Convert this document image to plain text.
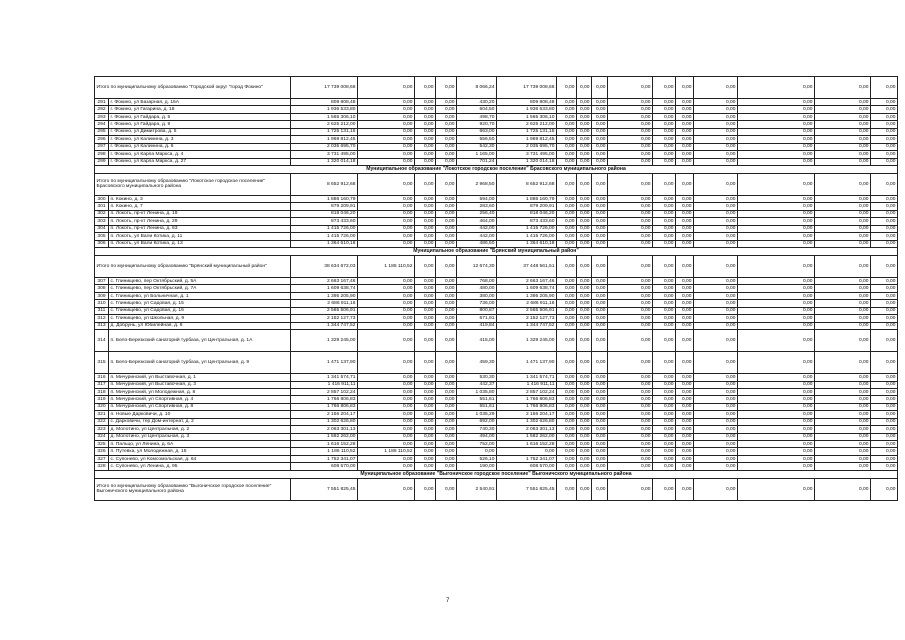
Итого по муниципальному образованию "Городской округ "город Фокино"		17 739 008,66	0,00	0,00	0,00	8 066,24	17 739 008,66	0,00	0,00	0,00	0,00	0,00	0,00	0,00	0,00	0,00	0,00
291	г. Фокино, ул Базарная, д. 16А	809 808,48	0,00	0,00	0,00	430,20	809 808,48	0,00	0,00	0,00	0,00	0,00	0,00	0,00	0,00	0,00	0,00
292	г. Фокино, ул Гагарина, д. 18	1 936 533,80	0,00	0,00	0,00	604,50	1 936 533,80	0,00	0,00	0,00	0,00	0,00	0,00	0,00	0,00	0,00	0,00
293	г. Фокино, ул Гайдара, д. 5	1 565 306,10	0,00	0,00	0,00	498,70	1 565 306,10	0,00	0,00	0,00	0,00	0,00	0,00	0,00	0,00	0,00	0,00
294	г. Фокино, ул Гайдара, д. 9	2 625 212,00	0,00	0,00	0,00	920,70	2 625 212,00	0,00	0,00	0,00	0,00	0,00	0,00	0,00	0,00	0,00	0,00
295	г. Фокино, ул Димитрова, д. 5	1 725 131,15	0,00	0,00	0,00	663,00	1 725 131,15	0,00	0,00	0,00	0,00	0,00	0,00	0,00	0,00	0,00	0,00
296	г. Фокино, ул Калинина, д. 3	1 969 812,45	0,00	0,00	0,00	556,50	1 969 812,45	0,00	0,00	0,00	0,00	0,00	0,00	0,00	0,00	0,00	0,00
297	г. Фокино, ул Калинина, д. 6	2 035 695,70	0,00	0,00	0,00	542,30	2 035 695,70	0,00	0,00	0,00	0,00	0,00	0,00	0,00	0,00	0,00	0,00
298	г. Фокино, ул Карла Маркса, д. 4	3 731 495,00	0,00	0,00	0,00	1 165,00	3 731 495,00	0,00	0,00	0,00	0,00	0,00	0,00	0,00	0,00	0,00	0,00
299	г. Фокино, ул Карла Маркса, д. 27	1 320 014,18	0,00	0,00	0,00	701,24	1 320 014,18	0,00	0,00	0,00	0,00	0,00	0,00	0,00	0,00	0,00	0,00
Муниципальное образование "Локотское городское поселение" Брасовского муниципального района																	
Итого по муниципальному образованию "Локотское городское поселение" Брасовского муниципального района		8 652 912,68	0,00	0,00	0,00	2 968,50	8 652 912,68	0,00	0,00	0,00	0,00	0,00	0,00	0,00	0,00	0,00	0,00
300	п. Кокино, д. 3	1 886 160,79	0,00	0,00	0,00	594,00	1 886 160,79	0,00	0,00	0,00	0,00	0,00	0,00	0,00	0,00	0,00	0,00
301	п. Кокино, д. 7	879 209,91	0,00	0,00	0,00	283,60	879 209,91	0,00	0,00	0,00	0,00	0,00	0,00	0,00	0,00	0,00	0,00
302	п. Локоть, пр-кт Ленина, д. 19	818 046,20	0,00	0,00	0,00	256,40	818 046,20	0,00	0,00	0,00	0,00	0,00	0,00	0,00	0,00	0,00	0,00
303	п. Локоть, пр-кт Ленина, д. 29	873 433,60	0,00	0,00	0,00	464,00	873 433,60	0,00	0,00	0,00	0,00	0,00	0,00	0,00	0,00	0,00	0,00
304	п. Локоть, пр-кт Ленина, д. 63	1 415 726,00	0,00	0,00	0,00	442,00	1 415 726,00	0,00	0,00	0,00	0,00	0,00	0,00	0,00	0,00	0,00	0,00
305	п. Локоть, ул Вали Котика, д. 11	1 415 726,00	0,00	0,00	0,00	442,00	1 415 726,00	0,00	0,00	0,00	0,00	0,00	0,00	0,00	0,00	0,00	0,00
306	п. Локоть, ул Вали Котика, д. 13	1 364 610,18	0,00	0,00	0,00	486,50	1 364 610,18	0,00	0,00	0,00	0,00	0,00	0,00	0,00	0,00	0,00	0,00
Муниципальное образование "Брянский муниципальный район"																	
Итого по муниципальному образованию "Брянский муниципальный район"		38 634 672,03	1 186 110,52	0,00	0,00	12 674,30	37 448 561,51	0,00	0,00	0,00	0,00	0,00	0,00	0,00	0,00	0,00	0,00
307	с. Глинищево, пер Октябрьский, д. 5А	2 663 167,46	0,00	0,00	0,00	768,00	2 663 167,46	0,00	0,00	0,00	0,00	0,00	0,00	0,00	0,00	0,00	0,00
308	с. Глинищево, пер Октябрьский, д. 7А	1 609 638,74	0,00	0,00	0,00	480,00	1 609 638,74	0,00	0,00	0,00	0,00	0,00	0,00	0,00	0,00	0,00	0,00
309	с. Глинищево, ул Больничная, д. 1	1 395 205,90	0,00	0,00	0,00	380,00	1 395 205,90	0,00	0,00	0,00	0,00	0,00	0,00	0,00	0,00	0,00	0,00
310	с. Глинищево, ул Садовая, д. 15	2 686 911,16	0,00	0,00	0,00	736,00	2 686 911,16	0,00	0,00	0,00	0,00	0,00	0,00	0,00	0,00	0,00	0,00
311	с. Глинищево, ул Садовая, д. 16	2 565 506,91	0,00	0,00	0,00	800,87	2 565 506,91	0,00	0,00	0,00	0,00	0,00	0,00	0,00	0,00	0,00	0,00
312	с. Глинищево, ул Школьная, д. 9	2 152 127,73	0,00	0,00	0,00	671,91	2 152 127,73	0,00	0,00	0,00	0,00	0,00	0,00	0,00	0,00	0,00	0,00
313	д. Добрунь, ул Юбилейная, д. 6	1 344 747,52	0,00	0,00	0,00	419,84	1 344 747,52	0,00	0,00	0,00	0,00	0,00	0,00	0,00	0,00	0,00	0,00
314	п. Бело-Березкский санаторий турбаза, ул Центральная, д. 1А	1 329 245,00	0,00	0,00	0,00	415,00	1 329 245,00	0,00	0,00	0,00	0,00	0,00	0,00	0,00	0,00	0,00	0,00
315	п. Бело-Березкский санаторий турбаза, ул Центральная, д. 9	1 471 137,90	0,00	0,00	0,00	459,30	1 471 137,90	0,00	0,00	0,00	0,00	0,00	0,00	0,00	0,00	0,00	0,00
316	п. Мичуринский, ул Выставочная, д. 1	1 341 574,71	0,00	0,00	0,00	530,30	1 341 574,71	0,00	0,00	0,00	0,00	0,00	0,00	0,00	0,00	0,00	0,00
317	п. Мичуринский, ул Выставочная, д. 3	1 416 911,11	0,00	0,00	0,00	442,37	1 416 911,11	0,00	0,00	0,00	0,00	0,00	0,00	0,00	0,00	0,00	0,00
318	п. Мичуринский, ул Молодежная, д. 8	2 857 102,24	0,00	0,00	0,00	1 035,80	2 857 102,24	0,00	0,00	0,00	0,00	0,00	0,00	0,00	0,00	0,00	0,00
319	п. Мичуринский, ул Спортивная, д. 4	1 766 806,83	0,00	0,00	0,00	551,61	1 766 806,83	0,00	0,00	0,00	0,00	0,00	0,00	0,00	0,00	0,00	0,00
320	п. Мичуринский, ул Спортивная, д. 8	1 766 806,83	0,00	0,00	0,00	551,61	1 766 806,83	0,00	0,00	0,00	0,00	0,00	0,00	0,00	0,00	0,00	0,00
321	п. Новые Дарковичи, д. 10	2 156 204,17	0,00	0,00	0,00	1 035,29	2 156 204,17	0,00	0,00	0,00	0,00	0,00	0,00	0,00	0,00	0,00	0,00
322	с. Дарковичи, тер Дом-интернат, д. 2	1 302 626,80	0,00	0,00	0,00	692,00	1 302 626,80	0,00	0,00	0,00	0,00	0,00	0,00	0,00	0,00	0,00	0,00
323	д. Молотино, ул Центральная, д. 2	2 063 301,13	0,00	0,00	0,00	740,30	2 063 301,13	0,00	0,00	0,00	0,00	0,00	0,00	0,00	0,00	0,00	0,00
324	д. Молотино, ул Центральная, д. 3	1 582 262,00	0,00	0,00	0,00	494,00	1 582 262,00	0,00	0,00	0,00	0,00	0,00	0,00	0,00	0,00	0,00	0,00
325	п. Пальцо, ул Ленина, д. 6А	1 616 152,28	0,00	0,00	0,00	752,00	1 616 152,28	0,00	0,00	0,00	0,00	0,00	0,00	0,00	0,00	0,00	0,00
326	п. Путевка, ул Молодежная, д. 15	1 186 110,52	1 186 110,52	0,00	0,00	0,00	0,00	0,00	0,00	0,00	0,00	0,00	0,00	0,00	0,00	0,00	0,00
327	с. Супонево, ул Комсомольская, д. 64	1 752 341,07	0,00	0,00	0,00	526,10	1 752 341,07	0,00	0,00	0,00	0,00	0,00	0,00	0,00	0,00	0,00	0,00
328	с. Супонево, ул Ленина, д. 95	608 570,00	0,00	0,00	0,00	190,00	608 570,00	0,00	0,00	0,00	0,00	0,00	0,00	0,00	0,00	0,00	0,00
Муниципальное образование "Выгоничское городское поселение" Выгоничского муниципального района																	
Итого по муниципальному образованию "Выгоничское городское поселение" Выгоничского муниципального района		7 551 825,45	0,00	0,00	0,00	2 540,91	7 551 825,45	0,00	0,00	0,00	0,00	0,00	0,00	0,00	0,00	0,00	0,00
7
